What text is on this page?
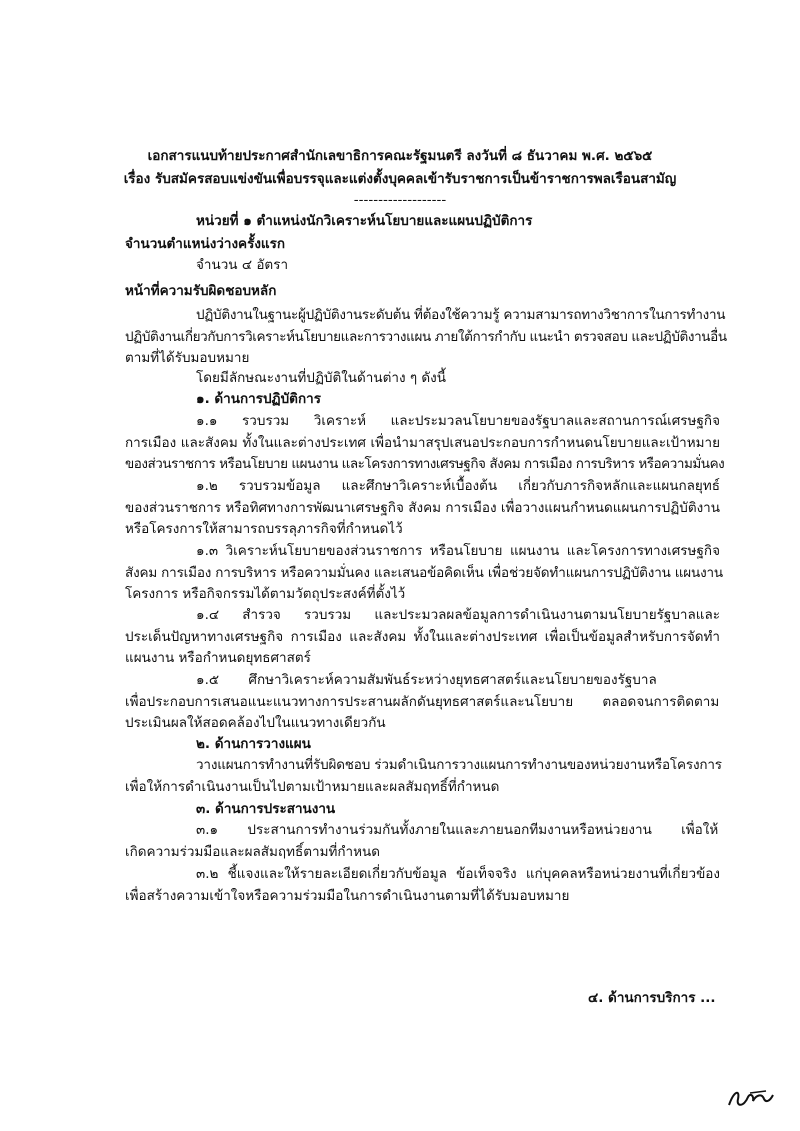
เอกสารแนบท้ายประกาศสำนักเลขาธิการคณะรัฐมนตรี ลงวันที่ ๘ ธันวาคม พ.ศ. ๒๕๖๕
เรื่อง รับสมัครสอบแข่งขันเพื่อบรรจุและแต่งตั้งบุคคลเข้ารับราชการเป็นข้าราชการพลเรือนสามัญ
-------------------
หน่วยที่ ๑ ตำแหน่งนักวิเคราะห์นโยบายและแผนปฏิบัติการ
จำนวนตำแหน่งว่างครั้งแรก
จำนวน ๔ อัตรา
หน้าที่ความรับผิดชอบหลัก
ปฏิบัติงานในฐานะผู้ปฏิบัติงานระดับต้น ที่ต้องใช้ความรู้ ความสามารถทางวิชาการในการทำงาน
ปฏิบัติงานเกี่ยวกับการวิเคราะห์นโยบายและการวางแผน ภายใต้การกำกับ แนะนำ ตรวจสอบ และปฏิบัติงานอื่น
ตามที่ได้รับมอบหมาย
โดยมีลักษณะงานที่ปฏิบัติในด้านต่าง ๆ ดังนี้
๑. ด้านการปฏิบัติการ
๑.๑ รวบรวม วิเคราะห์ และประมวลนโยบายของรัฐบาลและสถานการณ์เศรษฐกิจ
การเมือง และสังคม ทั้งในและต่างประเทศ เพื่อนำมาสรุปเสนอประกอบการกำหนดนโยบายและเป้าหมาย
ของส่วนราชการ หรือนโยบาย แผนงาน และโครงการทางเศรษฐกิจ สังคม การเมือง การบริหาร หรือความมั่นคง
๑.๒ รวบรวมข้อมูล และศึกษาวิเคราะห์เบื้องต้น เกี่ยวกับภารกิจหลักและแผนกลยุทธ์
ของส่วนราชการ หรือทิศทางการพัฒนาเศรษฐกิจ สังคม การเมือง เพื่อวางแผนกำหนดแผนการปฏิบัติงาน
หรือโครงการให้สามารถบรรลุภารกิจที่กำหนดไว้
๑.๓ วิเคราะห์นโยบายของส่วนราชการ หรือนโยบาย แผนงาน และโครงการทางเศรษฐกิจ
สังคม การเมือง การบริหาร หรือความมั่นคง และเสนอข้อคิดเห็น เพื่อช่วยจัดทำแผนการปฏิบัติงาน แผนงาน
โครงการ หรือกิจกรรมได้ตามวัตถุประสงค์ที่ตั้งไว้
๑.๔ สำรวจ รวบรวม และประมวลผลข้อมูลการดำเนินงานตามนโยบายรัฐบาลและ
ประเด็นปัญหาทางเศรษฐกิจ การเมือง และสังคม ทั้งในและต่างประเทศ เพื่อเป็นข้อมูลสำหรับการจัดทำ
แผนงาน หรือกำหนดยุทธศาสตร์
๑.๕ ศึกษาวิเคราะห์ความสัมพันธ์ระหว่างยุทธศาสตร์และนโยบายของรัฐบาล
เพื่อประกอบการเสนอแนะแนวทางการประสานผลักดันยุทธศาสตร์และนโยบาย ตลอดจนการติดตาม
ประเมินผลให้สอดคล้องไปในแนวทางเดียวกัน
๒. ด้านการวางแผน
วางแผนการทำงานที่รับผิดชอบ ร่วมดำเนินการวางแผนการทำงานของหน่วยงานหรือโครงการ
เพื่อให้การดำเนินงานเป็นไปตามเป้าหมายและผลสัมฤทธิ์ที่กำหนด
๓. ด้านการประสานงาน
๓.๑ ประสานการทำงานร่วมกันทั้งภายในและภายนอกทีมงานหรือหน่วยงาน เพื่อให้
เกิดความร่วมมือและผลสัมฤทธิ์ตามที่กำหนด
๓.๒ ชี้แจงและให้รายละเอียดเกี่ยวกับข้อมูล ข้อเท็จจริง แก่บุคคลหรือหน่วยงานที่เกี่ยวข้อง
เพื่อสร้างความเข้าใจหรือความร่วมมือในการดำเนินงานตามที่ได้รับมอบหมาย
๔. ด้านการบริการ ...
